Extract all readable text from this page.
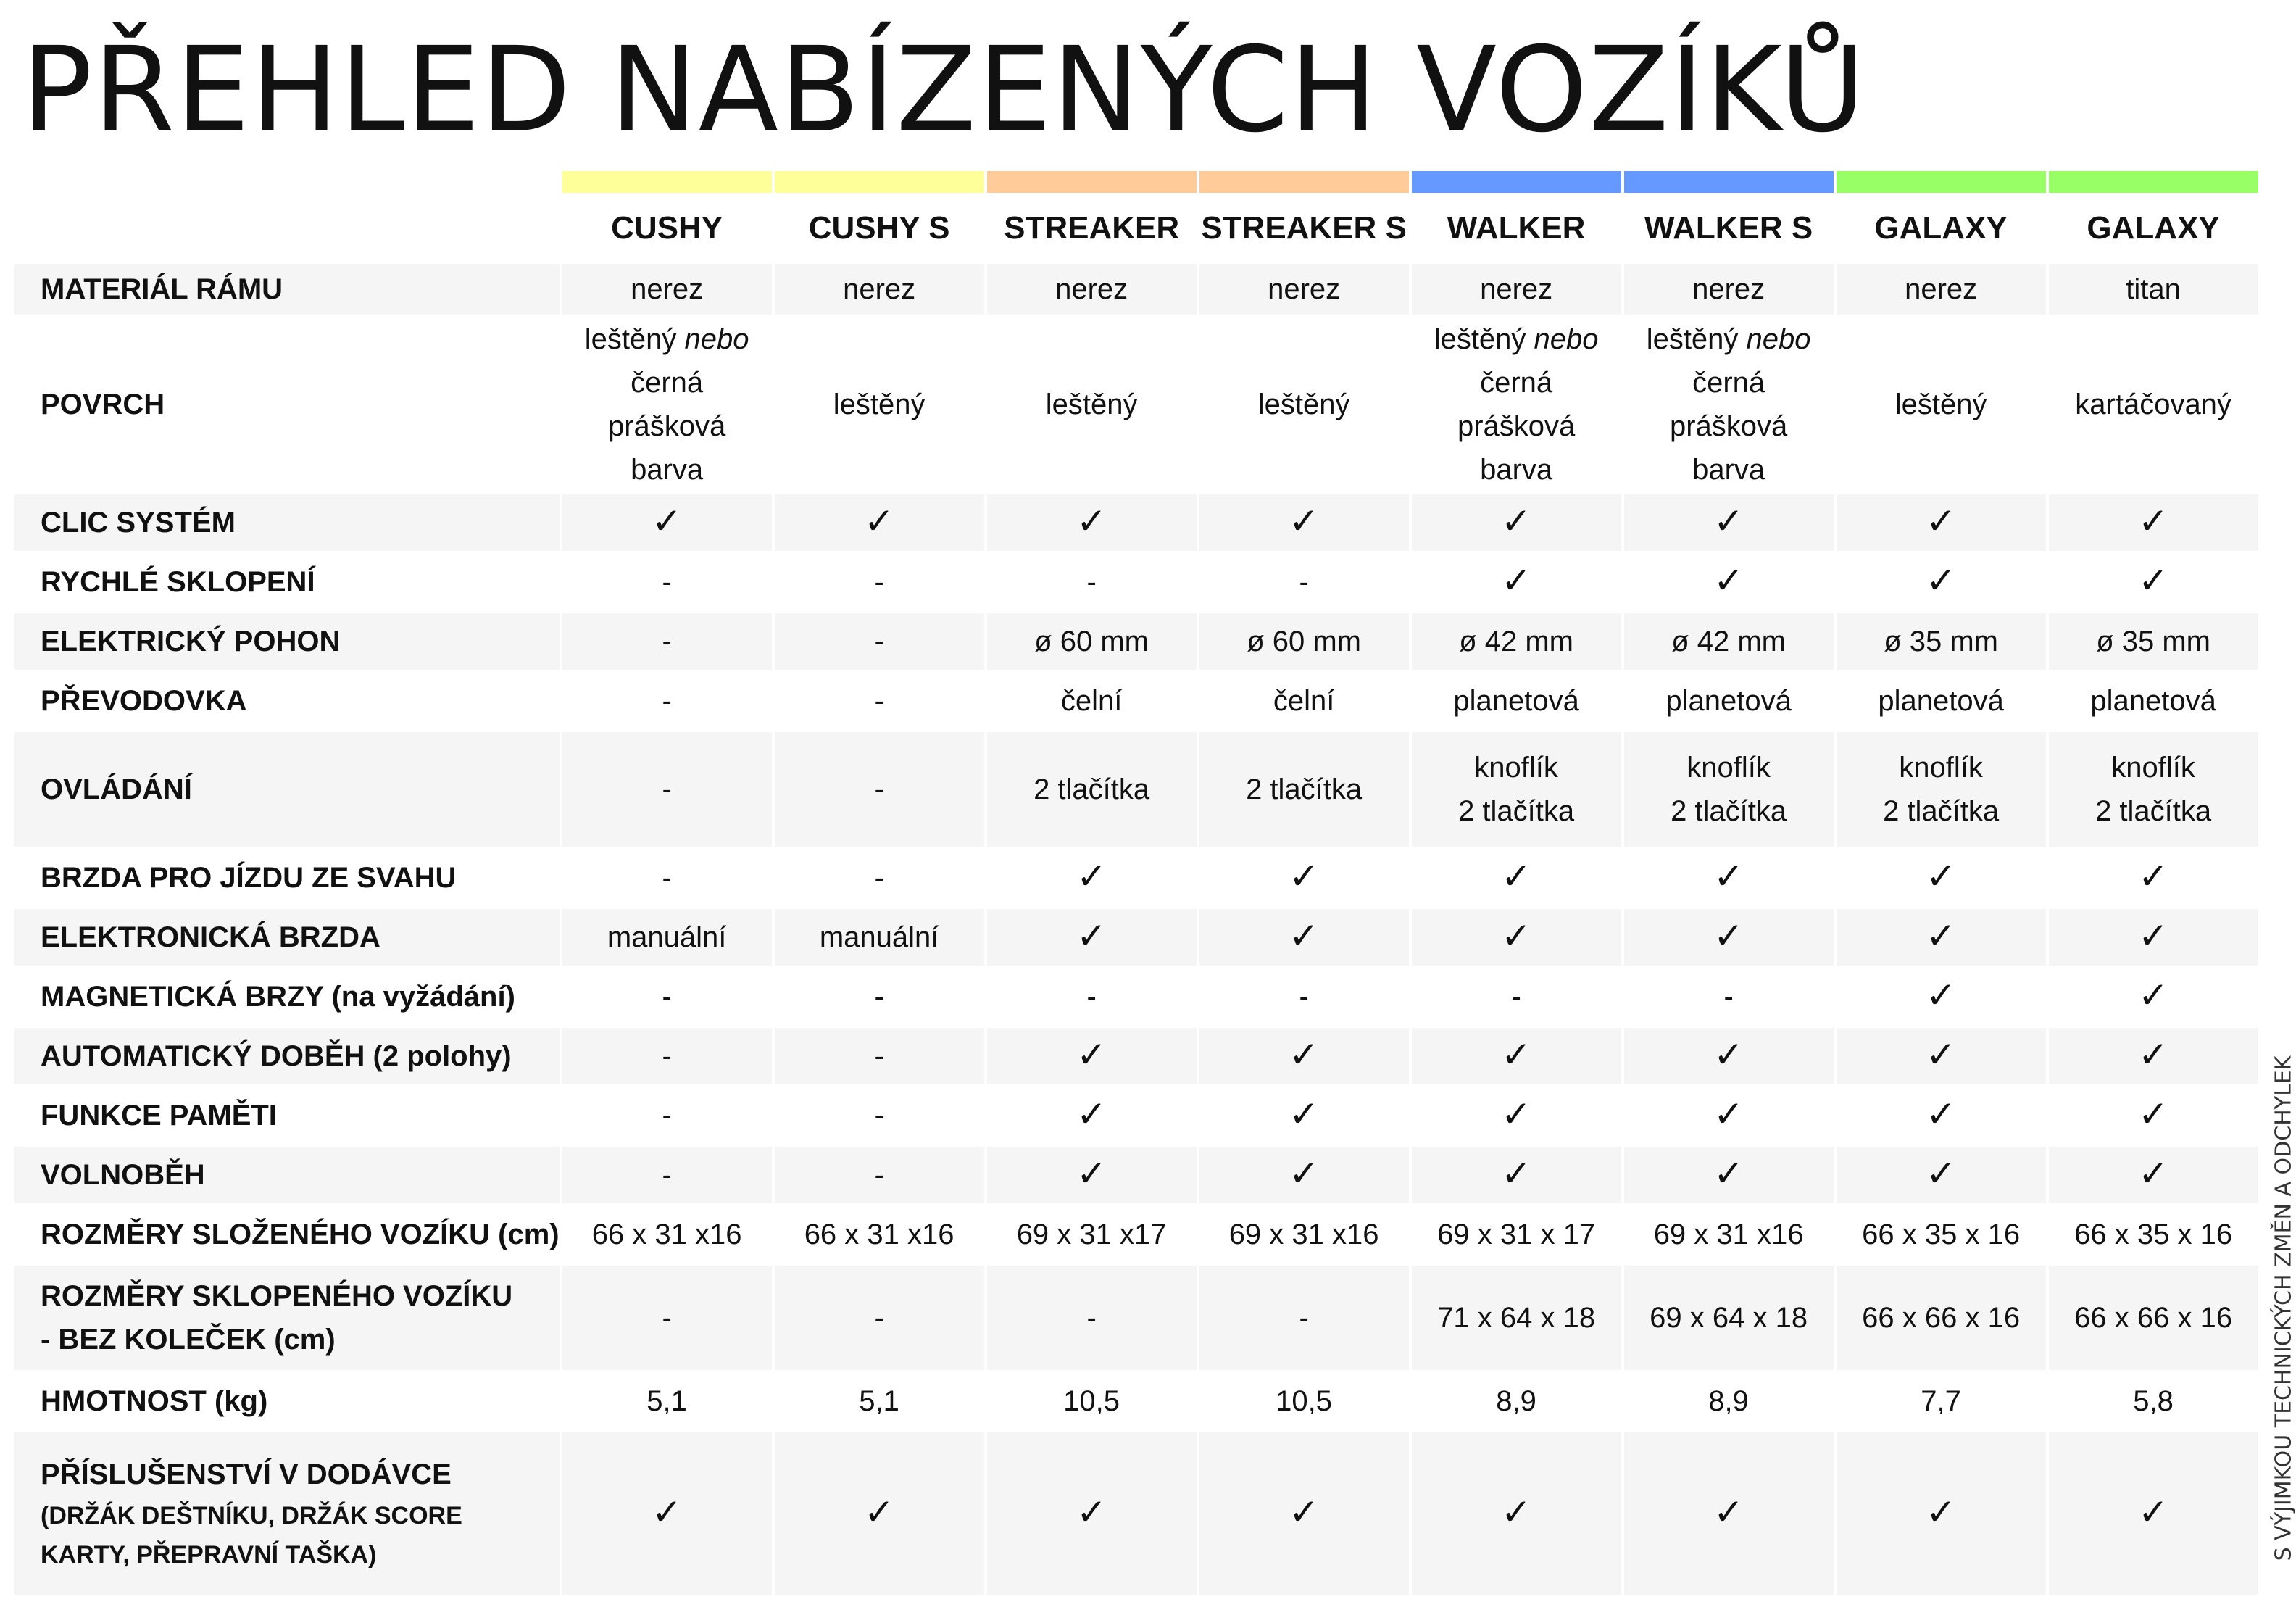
PŘEHLED NABÍZENÝCH VOZÍKŮ
S VÝJIMKOU TECHNICKÝCH ZMĚN A ODCHYLEK

	CUSHY	CUSHY S	STREAKER	STREAKER S	WALKER	WALKER S	GALAXY	GALAXY
MATERIÁL RÁMU	nerez	nerez	nerez	nerez	nerez	nerez	nerez	titan
POVRCH	leštěný nebo
černá
prášková
barva	leštěný	leštěný	leštěný	leštěný nebo
černá
prášková
barva	leštěný nebo
černá
prášková
barva	leštěný	kartáčovaný
CLIC SYSTÉM	✓	✓	✓	✓	✓	✓	✓	✓
RYCHLÉ SKLOPENÍ	-	-	-	-	✓	✓	✓	✓
ELEKTRICKÝ POHON	-	-	ø 60 mm	ø 60 mm	ø 42 mm	ø 42 mm	ø 35 mm	ø 35 mm
PŘEVODOVKA	-	-	čelní	čelní	planetová	planetová	planetová	planetová
OVLÁDÁNÍ	-	-	2 tlačítka	2 tlačítka	knoflík
2 tlačítka	knoflík
2 tlačítka	knoflík
2 tlačítka	knoflík
2 tlačítka
BRZDA PRO JÍZDU ZE SVAHU	-	-	✓	✓	✓	✓	✓	✓
ELEKTRONICKÁ BRZDA	manuální	manuální	✓	✓	✓	✓	✓	✓
MAGNETICKÁ BRZY (na vyžádání)	-	-	-	-	-	-	✓	✓
AUTOMATICKÝ DOBĚH (2 polohy)	-	-	✓	✓	✓	✓	✓	✓
FUNKCE PAMĚTI	-	-	✓	✓	✓	✓	✓	✓
VOLNOBĚH	-	-	✓	✓	✓	✓	✓	✓
ROZMĚRY SLOŽENÉHO VOZÍKU (cm)	66 x 31 x16	66 x 31 x16	69 x 31 x17	69 x 31 x16	69 x 31 x 17	69 x 31 x16	66 x 35 x 16	66 x 35 x 16
ROZMĚRY SKLOPENÉHO VOZÍKU
- BEZ KOLEČEK (cm)	-	-	-	-	71 x 64 x 18	69 x 64 x 18	66 x 66 x 16	66 x 66 x 16
HMOTNOST (kg)	5,1	5,1	10,5	10,5	8,9	8,9	7,7	5,8
PŘÍSLUŠENSTVÍ V DODÁVCE
(DRŽÁK DEŠTNÍKU, DRŽÁK SCORE KARTY, PŘEPRAVNÍ TAŠKA)	✓	✓	✓	✓	✓	✓	✓	✓
